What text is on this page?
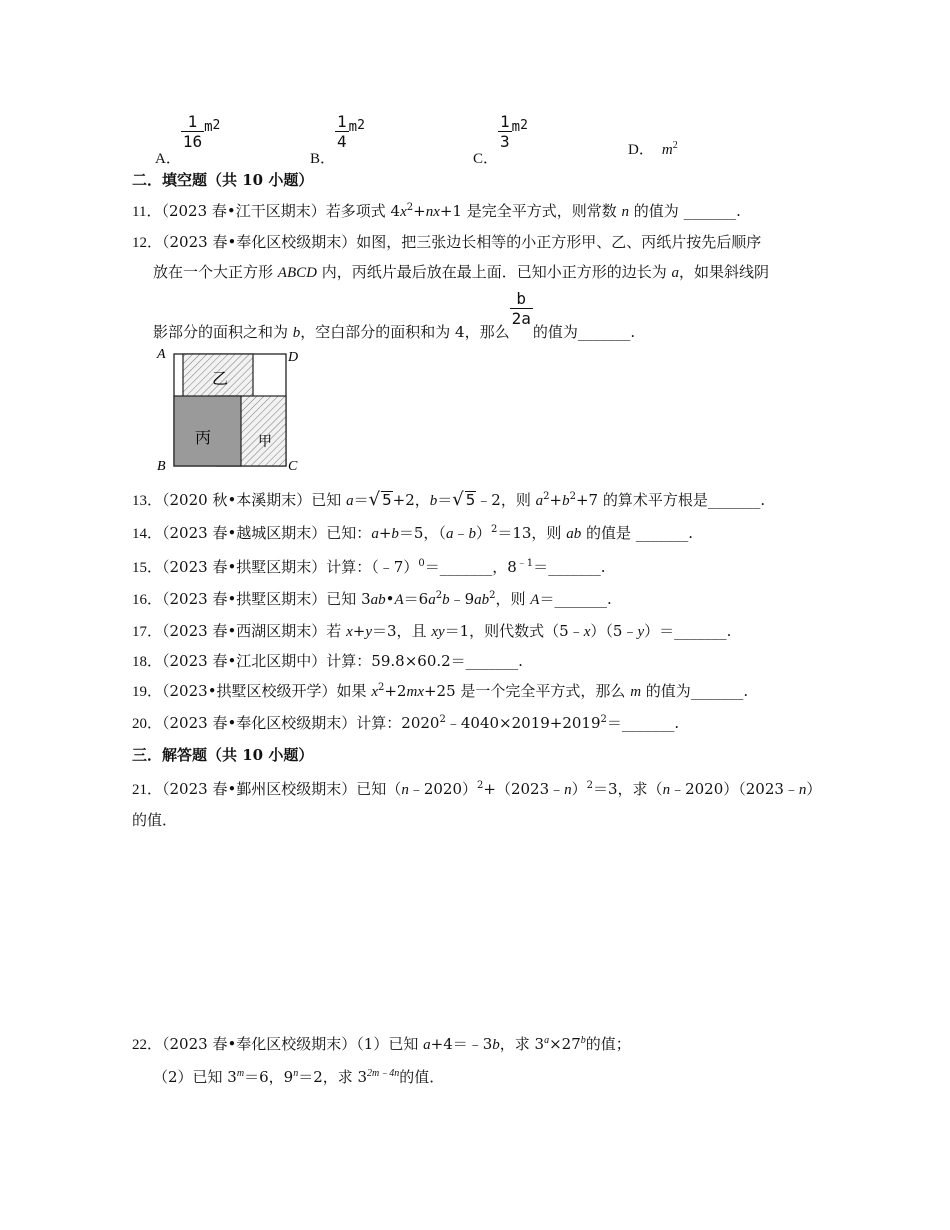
A．
$\frac{1}{16} m^2$
B．
$\frac{1}{4} m^2$
C．
$\frac{1}{3} m^2$
D． $m^2$
二．填空题（共 10 小题）
11．（2023 春•江干区期末）若多项式 $4x^2+nx+1$ 是完全平方式，则常数 n 的值为 _______.
12．（2023 春•奉化区校级期末）如图，把三张边长相等的小正方形甲、乙、丙纸片按先后顺序
放在一个大正方形 ABCD 内，丙纸片最后放在最上面．已知小正方形的边长为 a，如果斜线阴
影部分的面积之和为 b，空白部分的面积和为 4，那么
$\frac{b}{2a}$
的值为_______.
A	D
B	C
乙
丙	甲
13．（2020 秋•本溪期末）已知 a＝√ 5+2，b＝√ 5﹣2，则 $a^2+b^2+7$ 的算术平方根是_______.
14．（2023 春•越城区期末）已知：a+b＝5，（a﹣b）$^2$＝13，则 ab 的值是 _______.
15．（2023 春•拱墅区期末）计算：（﹣7）$^0$＝_______，$8^{﹣1}=\_\_\_\_\_\_\_$.
16．（2023 春•拱墅区期末）已知 $3ab•A=6a^2b﹣9ab^2$，则 A＝_______.
17．（2023 春•西湖区期末）若 x+y＝3，且 xy＝1，则代数式（5﹣x）（5﹣y）＝_______.
18．（2023 春•江北区期中）计算：59.8×60.2＝_______.
19．（2023•拱墅区校级开学）如果 $x^2+2mx+25$ 是一个完全平方式，那么 m 的值为_______.
20．（2023 春•奉化区校级期末）计算：$2020^2﹣4040\times 2019+2019^2=\_\_\_\_\_\_\_$.
三．解答题（共 10 小题）
21．（2023 春•鄞州区校级期末）已知（n﹣2020）$^2$+（2023﹣n）$^2$＝3，求（n﹣2020）（2023﹣n）的值．
22．（2023 春•奉化区校级期末）（1）已知 a+4＝﹣3b，求 $3^a\times 27^b$的值；
（2）已知 $3^m=6$，$9^n=2$，求 $3^{2m﹣4n}$的值．
